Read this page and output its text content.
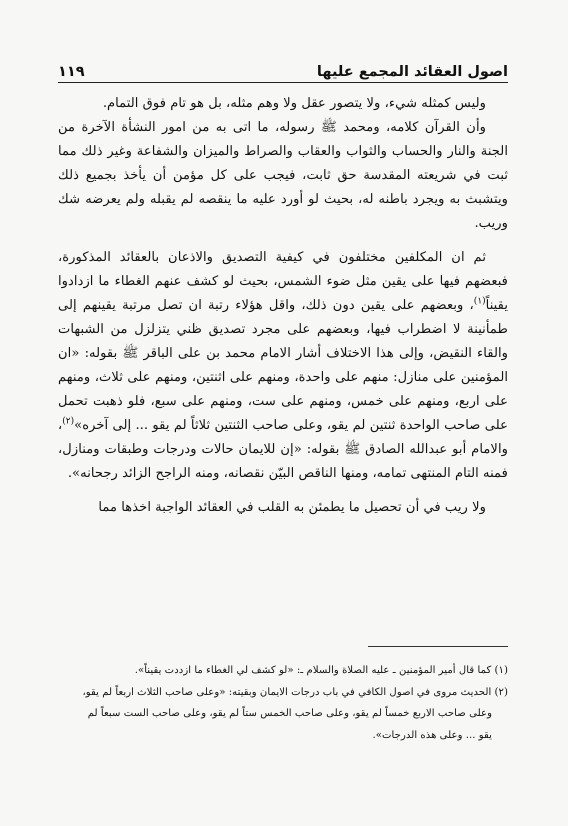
اصول العقائد المجمع عليها
١١٩

وليس كمثله شيء، ولا يتصور عقل ولا وهم مثله، بل هو تام فوق التمام.

وأن القرآن كلامه، ومحمد ﷺ رسوله، ما اتى به من امور النشأة الآخرة من الجنة والنار والحساب والثواب والعقاب والصراط والميزان والشفاعة وغير ذلك مما ثبت في شريعته المقدسة حق ثابت، فيجب على كل مؤمن أن يأخذ بجميع ذلك ويتشبث به ويجرد باطنه له، بحيث لو أورد عليه ما ينقصه لم يقبله ولم يعرضه شك وريب.

ثم ان المكلفين مختلفون في كيفية التصديق والاذعان بالعقائد المذكورة، فبعضهم فيها على يقين مثل ضوء الشمس، بحيث لو كشف عنهم الغطاء ما ازدادوا يقيناً$^{(١)}$، وبعضهم على يقين دون ذلك، واقل هؤلاء رتبة ان تصل مرتبة يقينهم إلى طمأنينة لا اضطراب فيها، وبعضهم على مجرد تصديق ظني يتزلزل من الشبهات والقاء النقيض، وإلى هذا الاختلاف أشار الامام محمد بن على الباقر ﷺ بقوله: «ان المؤمنين على منازل: منهم على واحدة، ومنهم على اثنتين، ومنهم على ثلاث، ومنهم على اربع، ومنهم على خمس، ومنهم على ست، ومنهم على سبع، فلو ذهبت تحمل على صاحب الواحدة ثنتين لم يقو، وعلى صاحب الثنتين ثلاثاً لم يقو ... إلى آخره»$^{(٢)}$، والامام أبو عبدالله الصادق ﷺ بقوله: «إن للايمان حالات ودرجات وطبقات ومنازل، فمنه التام المنتهى تمامه، ومنها الناقص البيّن نقصانه، ومنه الراجح الزائد رجحانه».

ولا ريب في أن تحصيل ما يطمئن به القلب في العقائد الواجبة اخذها مما

(١) كما قال أمير المؤمنين ـ عليه الصلاة والسلام ـ: «لو كشف لي الغطاء ما ازددت يقيناً».

(٢) الحديث مروى في اصول الكافي في باب درجات الايمان وبقيته: «وعلى صاحب الثلاث اربعاً لم يقو،

وعلى صاحب الاربع خمساً لم يقو، وعلى صاحب الخمس ستاً لم يقو، وعلى صاحب الست سبعاً لم

يقو ... وعلى هذه الدرجات».
